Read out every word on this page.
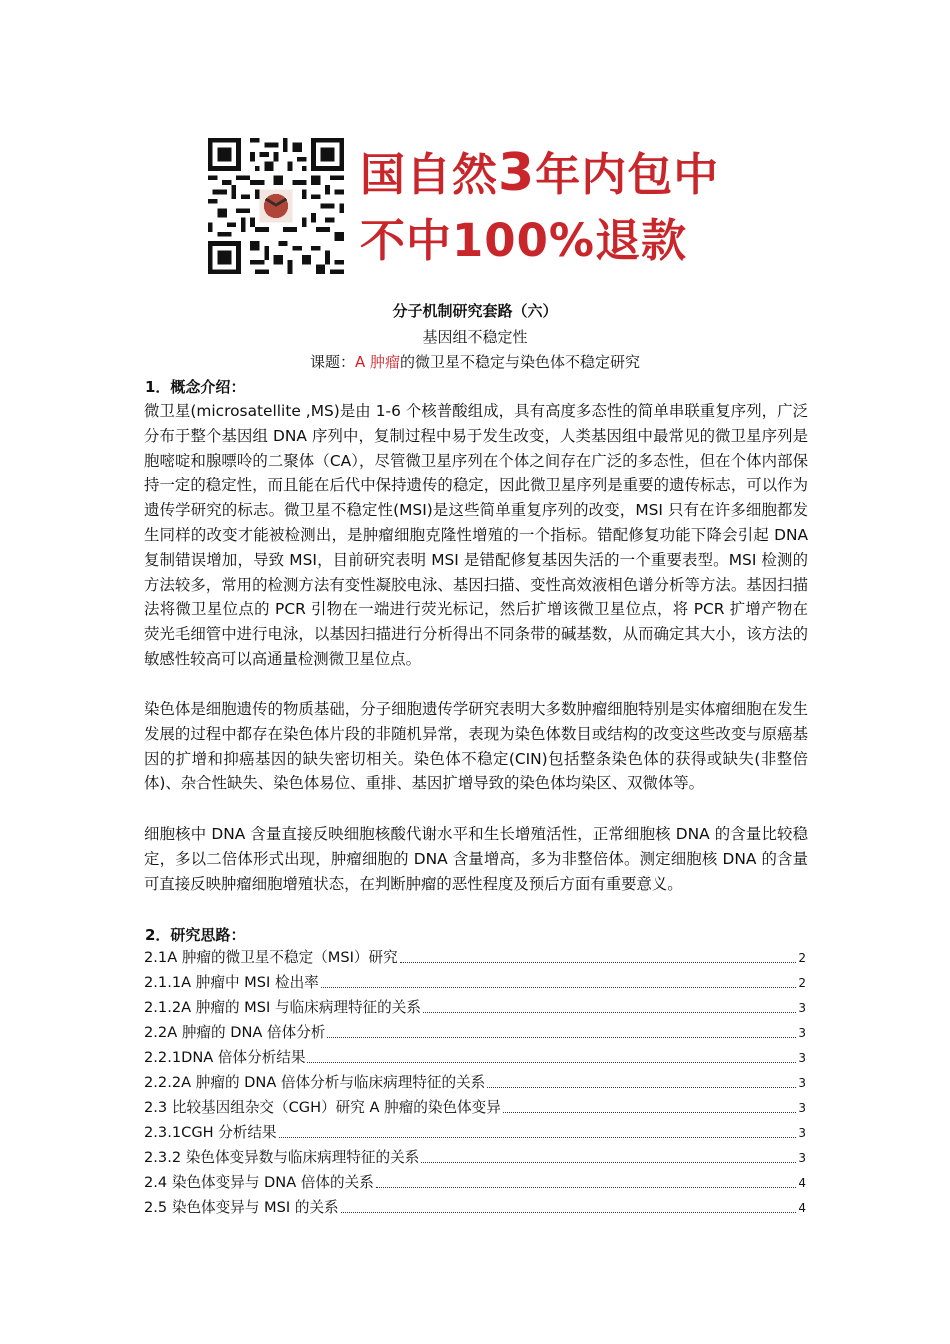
国自然3年内包中
不中100%退款
分子机制研究套路（六）
基因组不稳定性
课题：A 肿瘤的微卫星不稳定与染色体不稳定研究
1．概念介绍：
微卫星(microsatellite ,MS)是由 1-6 个核普酸组成，具有高度多态性的简单串联重复序列，广泛分布于整个基因组 DNA 序列中，复制过程中易于发生改变，人类基因组中最常见的微卫星序列是胞嘧啶和腺嘌呤的二聚体（CA），尽管微卫星序列在个体之间存在广泛的多态性，但在个体内部保持一定的稳定性，而且能在后代中保持遗传的稳定，因此微卫星序列是重要的遗传标志，可以作为遗传学研究的标志。微卫星不稳定性(MSI)是这些简单重复序列的改变，MSI 只有在许多细胞都发生同样的改变才能被检测出，是肿瘤细胞克隆性增殖的一个指标。错配修复功能下降会引起 DNA 复制错误增加，导致 MSI，目前研究表明 MSI 是错配修复基因失活的一个重要表型。MSI 检测的方法较多，常用的检测方法有变性凝胶电泳、基因扫描、变性高效液相色谱分析等方法。基因扫描法将微卫星位点的 PCR 引物在一端进行荧光标记，然后扩增该微卫星位点，将 PCR 扩增产物在荧光毛细管中进行电泳，以基因扫描进行分析得出不同条带的碱基数，从而确定其大小，该方法的敏感性较高可以高通量检测微卫星位点。
染色体是细胞遗传的物质基础，分子细胞遗传学研究表明大多数肿瘤细胞特别是实体瘤细胞在发生发展的过程中都存在染色体片段的非随机异常，表现为染色体数目或结构的改变这些改变与原癌基因的扩增和抑癌基因的缺失密切相关。染色体不稳定(CIN)包括整条染色体的获得或缺失(非整倍体)、杂合性缺失、染色体易位、重排、基因扩增导致的染色体均染区、双微体等。
细胞核中 DNA 含量直接反映细胞核酸代谢水平和生长增殖活性，正常细胞核 DNA 的含量比较稳定，多以二倍体形式出现，肿瘤细胞的 DNA 含量增高，多为非整倍体。测定细胞核 DNA 的含量可直接反映肿瘤细胞增殖状态，在判断肿瘤的恶性程度及预后方面有重要意义。
2．研究思路：
2.1A 肿瘤的微卫星不稳定（MSI）研究	2
2.1.1A 肿瘤中 MSI 检出率	2
2.1.2A 肿瘤的 MSI 与临床病理特征的关系	3
2.2A 肿瘤的 DNA 倍体分析	3
2.2.1DNA 倍体分析结果	3
2.2.2A 肿瘤的 DNA 倍体分析与临床病理特征的关系	3
2.3 比较基因组杂交（CGH）研究 A 肿瘤的染色体变异	3
2.3.1CGH 分析结果	3
2.3.2 染色体变异数与临床病理特征的关系	3
2.4 染色体变异与 DNA 倍体的关系	4
2.5 染色体变异与 MSI 的关系	4
